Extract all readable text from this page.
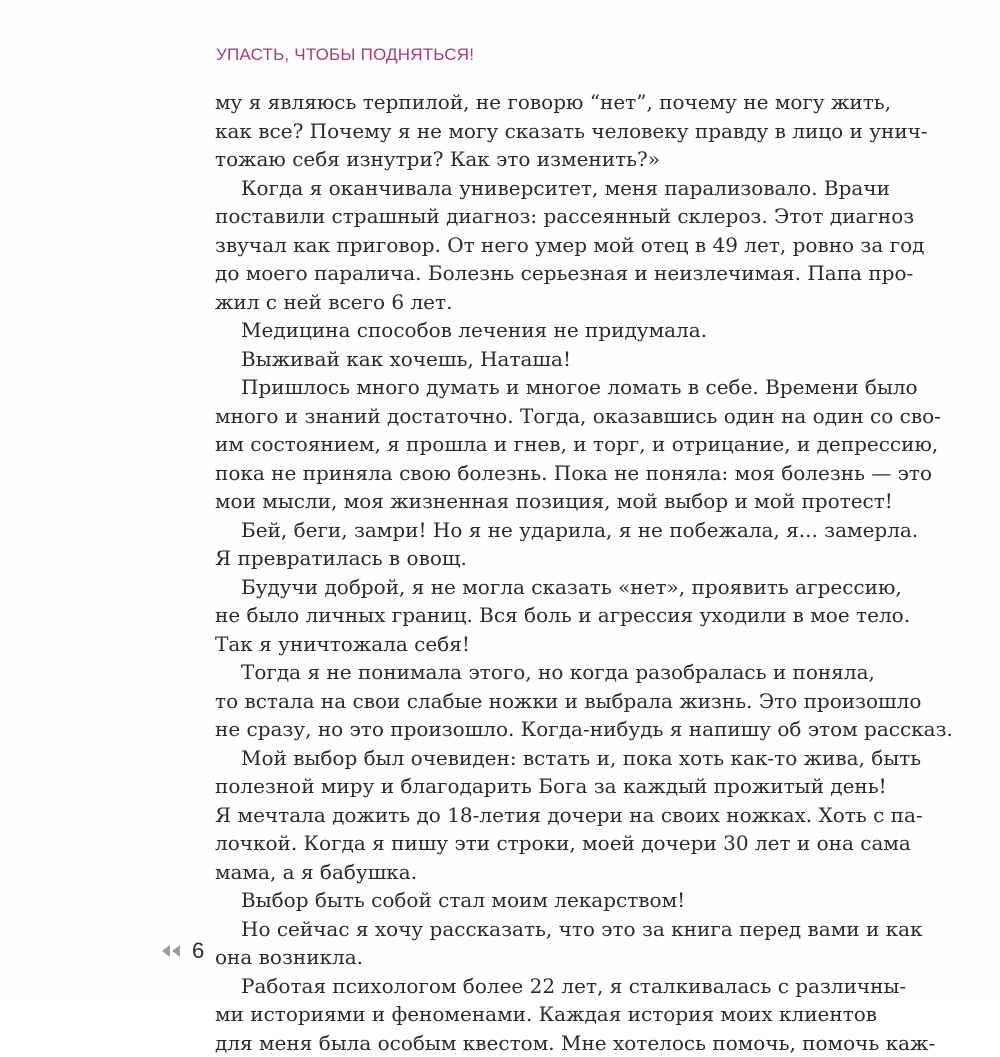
УПАСТЬ, ЧТОБЫ ПОДНЯТЬСЯ!
му я являюсь терпилой, не говорю “нет”, почему не могу жить,
как все? Почему я не могу сказать человеку правду в лицо и унич-
тожаю себя изнутри? Как это изменить?»
Когда я оканчивала университет, меня парализовало. Врачи
поставили страшный диагноз: рассеянный склероз. Этот диагноз
звучал как приговор. От него умер мой отец в 49 лет, ровно за год
до моего паралича. Болезнь серьезная и неизлечимая. Папа про-
жил с ней всего 6 лет.
Медицина способов лечения не придумала.
Выживай как хочешь, Наташа!
Пришлось много думать и многое ломать в себе. Времени было
много и знаний достаточно. Тогда, оказавшись один на один со сво-
им состоянием, я прошла и гнев, и торг, и отрицание, и депрессию,
пока не приняла свою болезнь. Пока не поняла: моя болезнь — это
мои мысли, моя жизненная позиция, мой выбор и мой протест!
Бей, беги, замри! Но я не ударила, я не побежала, я... замерла.
Я превратилась в овощ.
Будучи доброй, я не могла сказать «нет», проявить агрессию,
не было личных границ. Вся боль и агрессия уходили в мое тело.
Так я уничтожала себя!
Тогда я не понимала этого, но когда разобралась и поняла,
то встала на свои слабые ножки и выбрала жизнь. Это произошло
не сразу, но это произошло. Когда-нибудь я напишу об этом рассказ.
Мой выбор был очевиден: встать и, пока хоть как-то жива, быть
полезной миру и благодарить Бога за каждый прожитый день!
Я мечтала дожить до 18-летия дочери на своих ножках. Хоть с па-
лочкой. Когда я пишу эти строки, моей дочери 30 лет и она сама
мама, а я бабушка.
Выбор быть собой стал моим лекарством!
Но сейчас я хочу рассказать, что это за книга перед вами и как
она возникла.
Работая психологом более 22 лет, я сталкивалась с различны-
ми историями и феноменами. Каждая история моих клиентов
для меня была особым квестом. Мне хотелось помочь, помочь каж-
6
